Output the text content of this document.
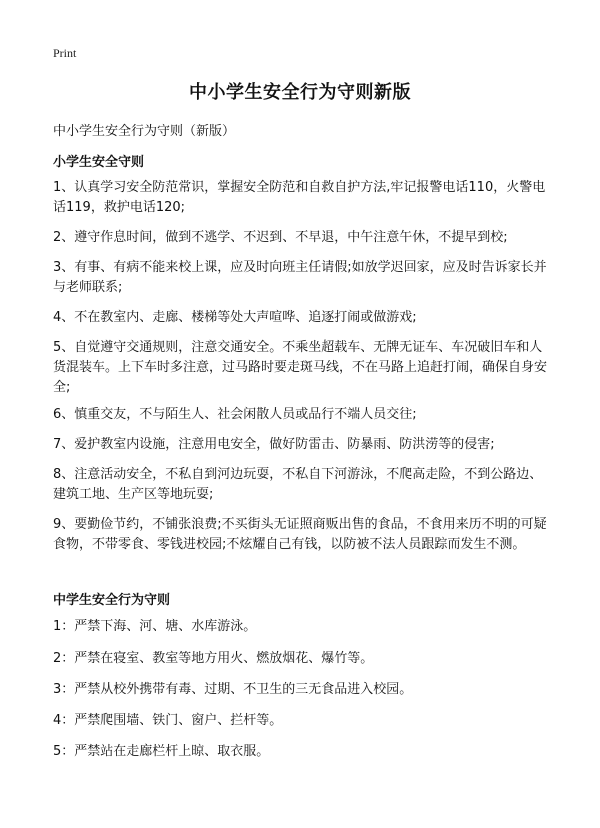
Print
中小学生安全行为守则新版
中小学生安全行为守则（新版）
小学生安全守则
1、认真学习安全防范常识，掌握安全防范和自救自护方法,牢记报警电话110，火警电话119，救护电话120;
2、遵守作息时间，做到不逃学、不迟到、不早退，中午注意午休，不提早到校;
3、有事、有病不能来校上课，应及时向班主任请假;如放学迟回家，应及时告诉家长并与老师联系;
4、不在教室内、走廊、楼梯等处大声喧哗、追逐打闹或做游戏;
5、自觉遵守交通规则，注意交通安全。不乘坐超载车、无牌无证车、车况破旧车和人货混装车。上下车时多注意，过马路时要走斑马线，不在马路上追赶打闹，确保自身安全;
6、慎重交友，不与陌生人、社会闲散人员或品行不端人员交往;
7、爱护教室内设施，注意用电安全，做好防雷击、防暴雨、防洪涝等的侵害;
8、注意活动安全，不私自到河边玩耍，不私自下河游泳，不爬高走险，不到公路边、建筑工地、生产区等地玩耍;
9、要勤俭节约，不铺张浪费;不买街头无证照商贩出售的食品，不食用来历不明的可疑食物，不带零食、零钱进校园;不炫耀自己有钱，以防被不法人员跟踪而发生不测。
中学生安全行为守则
1：严禁下海、河、塘、水库游泳。
2：严禁在寝室、教室等地方用火、燃放烟花、爆竹等。
3：严禁从校外携带有毒、过期、不卫生的三无食品进入校园。
4：严禁爬围墙、铁门、窗户、拦杆等。
5：严禁站在走廊栏杆上晾、取衣服。
